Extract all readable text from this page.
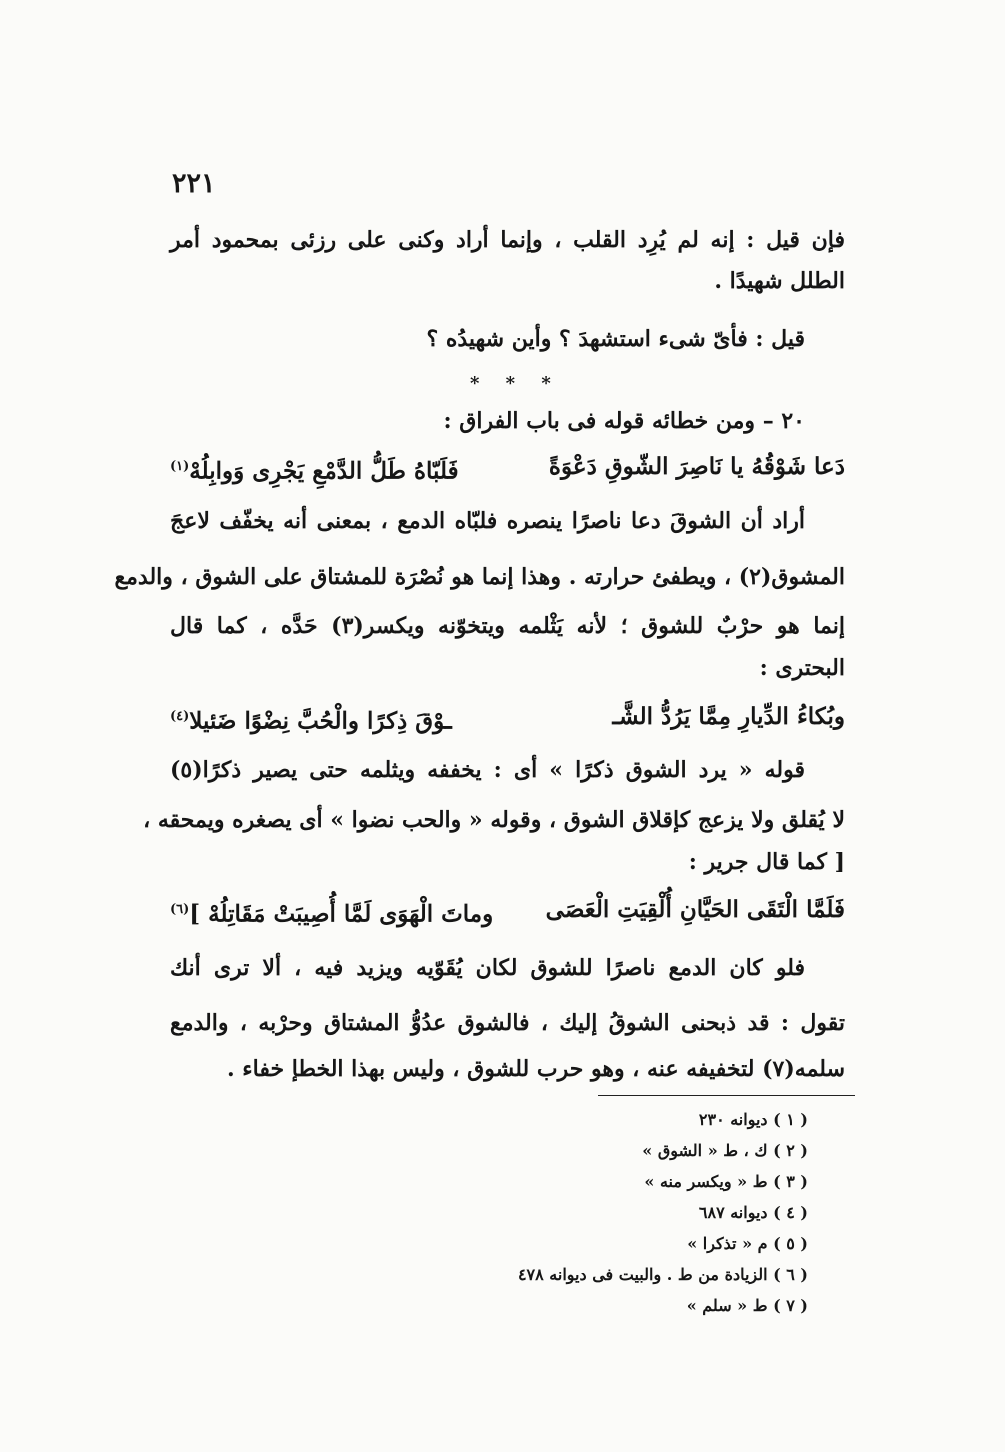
٢٢١
فإن قيل : إنه لم يُرِد القلب ، وإنما أراد وكنى على رزئى بمحمود أمر
الطلل شهيدًا .
قيل : فأىّ شىء استشهدَ ؟ وأين شهيدُه ؟
* * *
٢٠ – ومن خطائه قوله فى باب الفراق :
دَعا شَوْقُهُ يا نَاصِرَ الشّوقِ دَعْوَةً
فَلَبّاهُ طَلُّ الدَّمْعِ يَجْرِى وَوابِلُهْ$^{(١)}$
أراد أن الشوقَ دعا ناصرًا ينصره فلبّاه الدمع ، بمعنى أنه يخفّف لاعجَ
المشوق(٢) ، ويطفئ حرارته . وهذا إنما هو نُصْرَة للمشتاق على الشوق ، والدمع
إنما هو حرْبٌ للشوق ؛ لأنه يَثْلمه ويتخوّنه ويكسر(٣) حَدَّه ، كما قال
البحترى :
وبُكاءُ الدِّيارِ مِمَّا يَرُدُّ الشَّـ
ـوْقَ ذِكرًا والْحُبَّ نِضْوًا ضَئيلا$^{(٤)}$
قوله « يرد الشوق ذكرًا » أى : يخففه ويثلمه حتى يصير ذكرًا(٥)
لا يُقلق ولا يزعج كإقلاق الشوق ، وقوله « والحب نضوا » أى يصغره ويمحقه ،
[ كما قال جرير :
فَلَمَّا الْتَقَى الحَيَّانِ أُلْقِيَتِ الْعَصَى
وماتَ الْهَوَى لَمَّا أُصِيبَتْ مَقَاتِلُهْ ]$^{(٦)}$
فلو كان الدمع ناصرًا للشوق لكان يُقَوّيه ويزيد فيه ، ألا ترى أنك
تقول : قد ذبحنى الشوقُ إليك ، فالشوق عدُوُّ المشتاق وحرْبه ، والدمع
سلمه(٧) لتخفيفه عنه ، وهو حرب للشوق ، وليس بهذا الخطإ خفاء .
( ١ ) ديوانه ٢٣٠
( ٢ ) ك ، ط « الشوق »
( ٣ ) ط « ويكسر منه »
( ٤ ) ديوانه ٦٨٧
( ٥ ) م « تذكرا »
( ٦ ) الزيادة من ط . والبيت فى ديوانه ٤٧٨
( ٧ ) ط « سلم »
